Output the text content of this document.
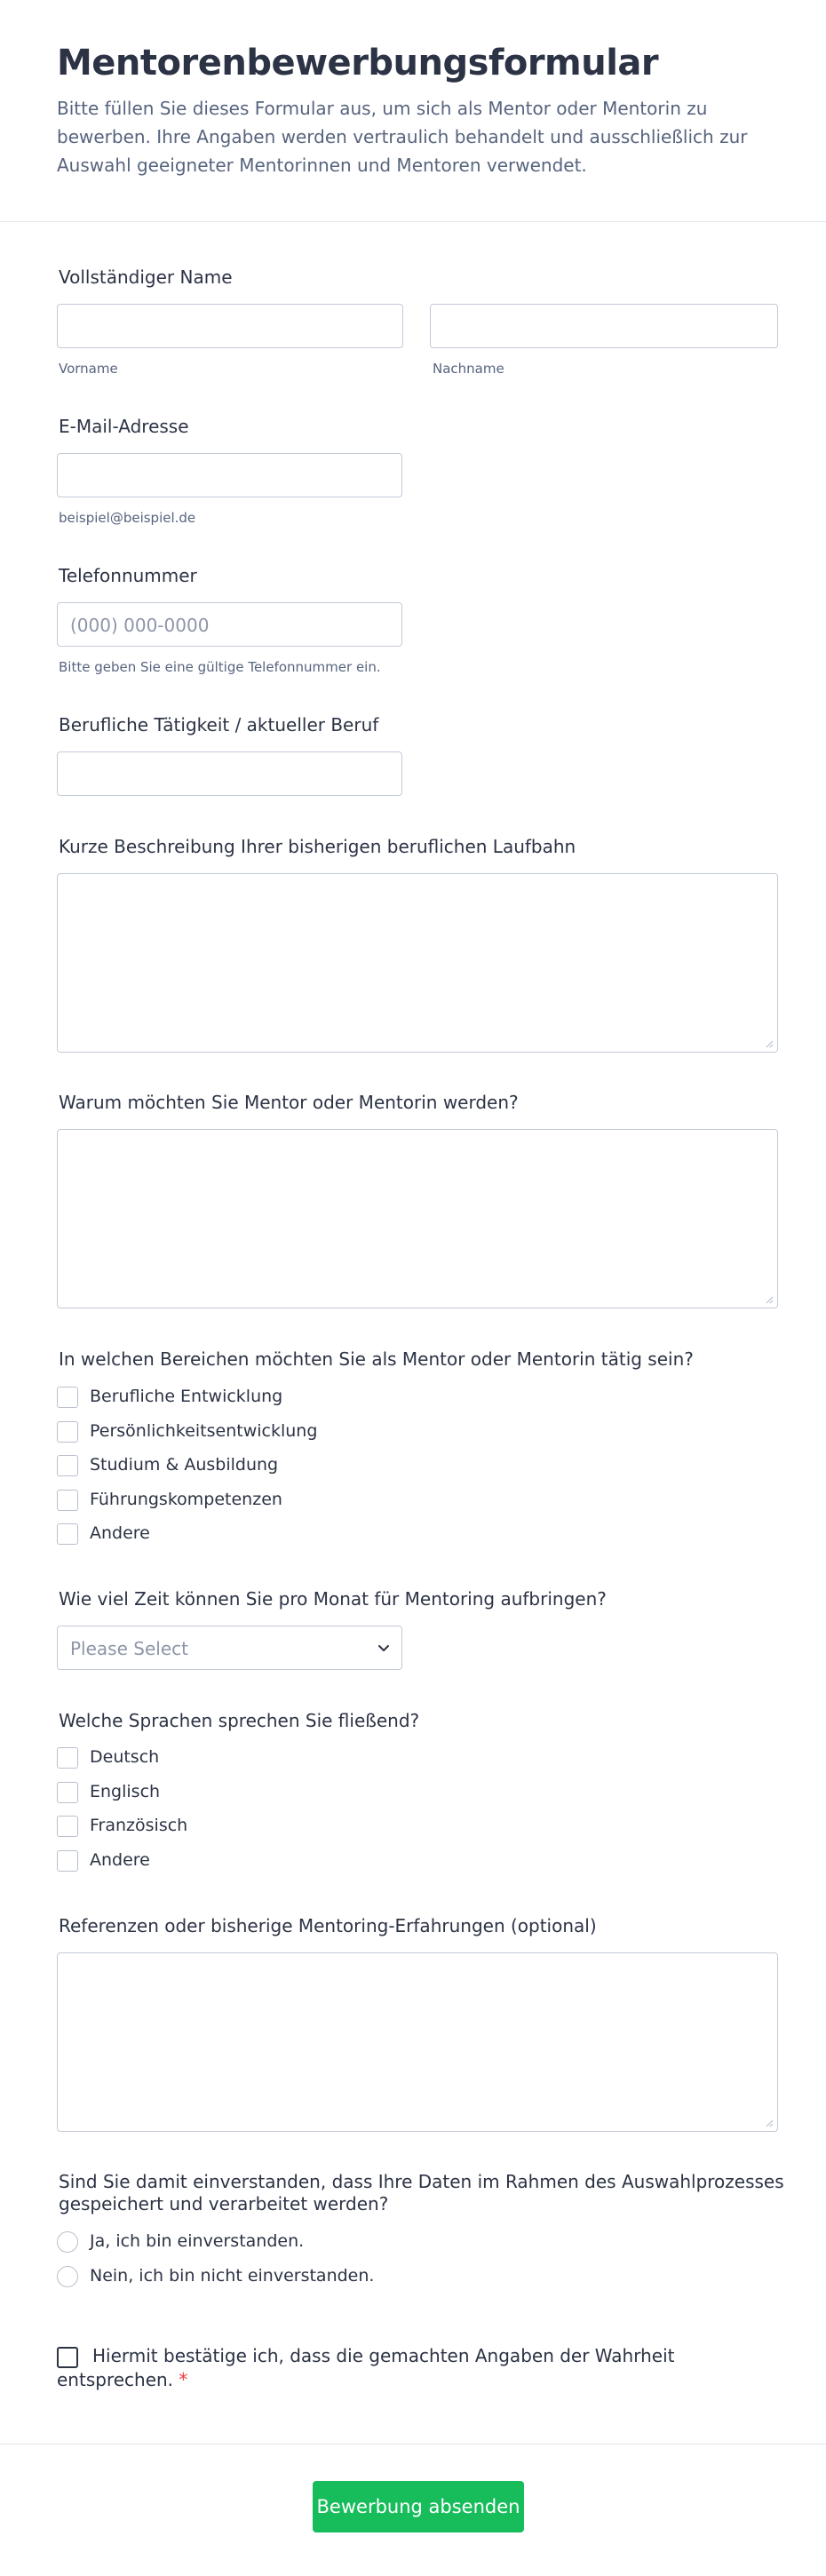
Mentorenbewerbungsformular

Bitte füllen Sie dieses Formular aus, um sich als Mentor oder Mentorin zu bewerben. Ihre Angaben werden vertraulich behandelt und ausschließlich zur Auswahl geeigneter Mentorinnen und Mentoren verwendet.

Vollständiger Name
Vorname	Nachname
E-Mail-Adresse
beispiel@beispiel.de
Telefonnummer
(000) 000-0000
Bitte geben Sie eine gültige Telefonnummer ein.
Berufliche Tätigkeit / aktueller Beruf
Kurze Beschreibung Ihrer bisherigen beruflichen Laufbahn
Warum möchten Sie Mentor oder Mentorin werden?
In welchen Bereichen möchten Sie als Mentor oder Mentorin tätig sein?
Berufliche Entwicklung
Persönlichkeitsentwicklung
Studium & Ausbildung
Führungskompetenzen
Andere
Wie viel Zeit können Sie pro Monat für Mentoring aufbringen?
Please Select
Welche Sprachen sprechen Sie fließend?
Deutsch
Englisch
Französisch
Andere
Referenzen oder bisherige Mentoring-Erfahrungen (optional)
Sind Sie damit einverstanden, dass Ihre Daten im Rahmen des Auswahlprozesses
gespeichert und verarbeitet werden?
Ja, ich bin einverstanden.
Nein, ich bin nicht einverstanden.
Hiermit bestätige ich, dass die gemachten Angaben der Wahrheit
entsprechen. *
Bewerbung absenden
